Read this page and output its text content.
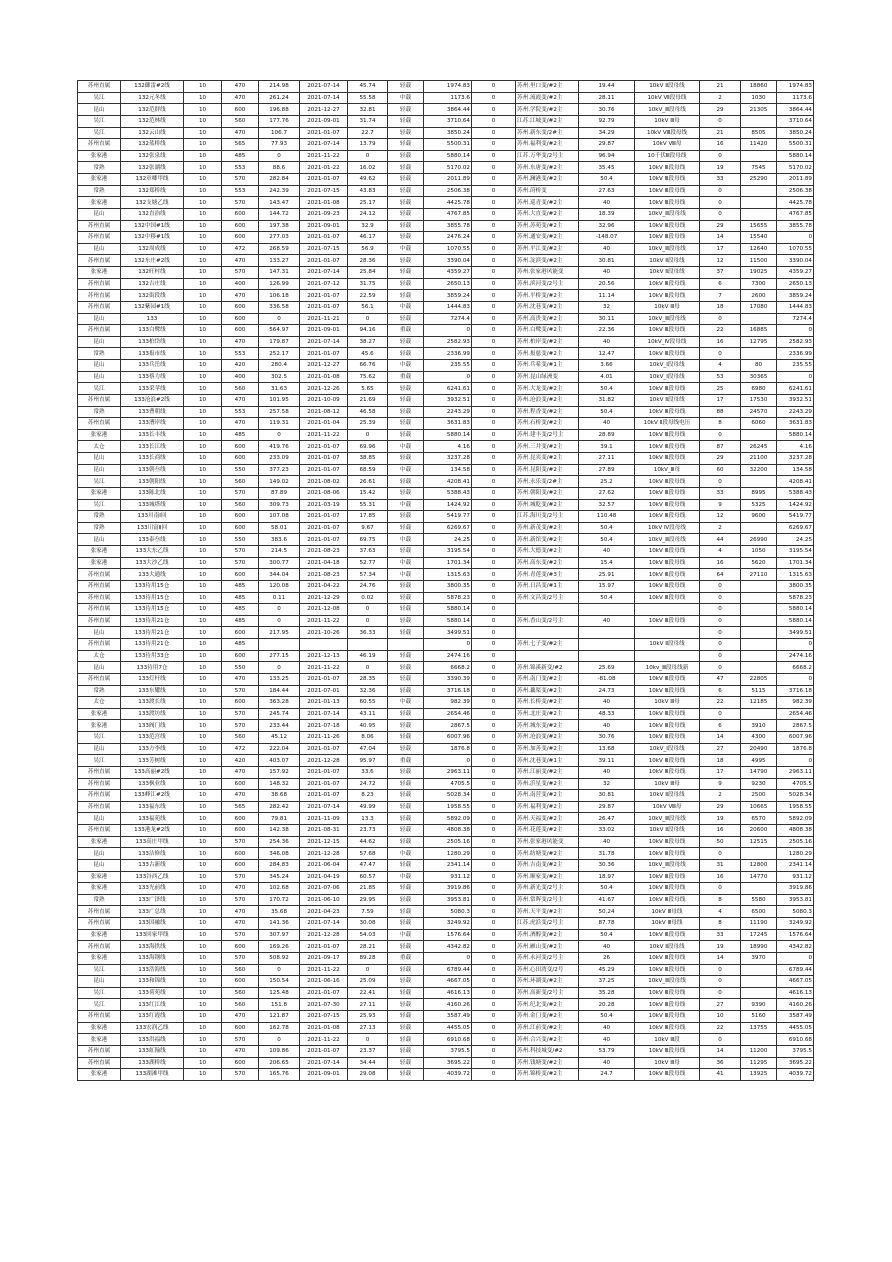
苏州直属	132御雷#2线	10	470	214.98	2021-07-14	45.74	轻载	1974.83	0	苏州.里口变/#2主	19.44	10kV Ⅱ段母线	21	18860	1974.83
吴江	132元冬线	10	470	261.24	2021-07-14	55.58	中载	1173.6	0	苏州.流霞变/#2主	28.11	10kV Ⅶ段母线	2	1030	1173.6
昆山	132范群线	10	600	196.88	2021-12-27	32.81	轻载	3864.44	0	苏州.学院变/#2主	30.76	10kV_Ⅲ段母线	29	21305	3864.44
吴江	132范林线	10	560	177.76	2021-09-01	31.74	轻载	3710.64	0	江苏.江城变/#2主	92.79	10kV Ⅲ母	0		3710.64
吴江	132云山线	10	470	106.7	2021-01-07	22.7	轻载	3850.24	0	苏州.新东变/2#主	34.29	10kV Ⅷ段母线	21	8505	3850.24
苏州直属	132蓝桥线	10	565	77.93	2021-07-14	13.79	轻载	5500.31	0	苏州.福利变/#2主	29.87	10kV Ⅷ母	16	11420	5500.31
张家港	132张泉线	10	485	0	2021-11-22	0	轻载	5880.14	0	江苏.万华变/2号主	96.94	10千伏Ⅲ段母线	0		5880.14
常熟	132张湖线	10	553	88.6	2021-01-22	16.02	轻载	5170.02	0	苏州.东唐变/#2主	35.45	10kV Ⅲ段母线	19	7545	5170.02
张家港	132章卿甲线	10	570	282.84	2021-01-07	49.62	轻载	2011.89	0	苏州.澜港变/#2主	50.4	10kV Ⅲ段母线	33	25290	2011.89
常熟	132郑桥线	10	553	242.39	2021-07-15	43.83	轻载	2506.38	0	苏州.莳桥变	27.63	10kV Ⅲ段母线	0		2506.38
张家港	132支塘乙线	10	570	143.47	2021-01-08	25.17	轻载	4425.78	0	苏州.巡青变/#2主	40	10kV Ⅲ段母线	0		4425.78
昆山	132直治线	10	600	144.72	2021-09-23	24.12	轻载	4767.85	0	苏州.大直变/#2主	18.39	10kV_Ⅲ段母线	0		4767.85
苏州直属	132中国#1线	10	600	197.38	2021-09-01	32.9	轻载	3855.78	0	苏州.苏苑变/#2主	32.96	10kV Ⅲ段母线	29	15655	3855.78
苏州直属	132中移#1线	10	600	277.03	2021-01-07	46.17	轻载	2476.24	0	苏州.通安变/#2主	-148.07	10kV Ⅲ段母线	14	15540	0
昆山	132周成线	10	472	268.59	2021-07-15	56.9	中载	1070.55	0	苏州.平江变/#2主	40	10kV_Ⅲ段母线	17	12640	1070.55
苏州直属	132东庄#2线	10	470	133.27	2021-01-07	28.36	轻载	3390.04	0	苏州.淀滨变/#2主	30.81	10kV Ⅱ段母线	12	11500	3390.04
张家港	132旺村线	10	570	147.31	2021-07-14	25.84	轻载	4359.27	0	苏州.张家港风能变	40	10kV Ⅱ段母线	37	19025	4359.27
苏州直属	132吉庄线	10	400	126.99	2021-07-12	31.75	轻载	2650.13	0	苏州.滨河变/2号主	20.56	10kV Ⅲ段母线	6	7300	2650.13
苏州直属	132街段线	10	470	106.18	2021-01-07	22.59	轻载	3859.24	0	苏州.平桥变/#2主	11.14	10kV Ⅲ段母线	7	2600	3859.24
苏州直属	132紫园#1线	10	600	336.58	2021-01-07	56.1	中载	1444.83	0	苏州.沈巷变/#2主	32	10kV Ⅲ母	18	17080	1444.83
昆山	133	10	600	0	2021-11-21	0	轻载	7274.4	0	苏州.高贵变/#2主	30.11	10kV_Ⅲ段母线	0		7274.4
苏州直属	133白鹭线	10	600	564.97	2021-09-01	94.16	重载	0	0	苏州.白鹭变/#2主	22.36	10kV Ⅲ段母线	22	16885	0
昆山	133柏岱线	10	470	179.87	2021-07-14	38.27	轻载	2582.93	0	苏州.柏岸变/#2主	40	10kV_Ⅳ段母线	16	12795	2582.93
常熟	133报市线	10	553	252.17	2021-01-07	45.6	轻载	2336.99	0	苏州.报慈变/#2主	12.47	10kV Ⅲ段母线	0		2336.99
昆山	133兵岳线	10	420	280.4	2021-12-27	66.76	中载	235.55	0	苏州.兵希变/#1主	3.66	10kV_Ⅰ段母线	4	80	235.55
昆山	133蔡力线	10	400	302.5	2021-01-08	75.62	重载	0	0	苏州.昆山绿洲变	4.01	10kV_Ⅰ段母线	53	30365	0
吴江	133采苹线	10	560	31.63	2021-12-26	5.65	轻载	6241.61	0	苏州.大龙变/#2主	50.4	10kV Ⅲ段母线	25	6980	6241.61
苏州直属	133沧浪#2线	10	470	101.95	2021-10-09	21.69	轻载	3932.51	0	苏州.沧浪变/#2主	31.82	10kV Ⅱ段母线	17	17530	3932.51
常熟	133曹朝线	10	553	257.58	2021-08-12	46.58	轻载	2243.29	0	苏州.程香变/#2主	50.4	10kV Ⅲ段母线	88	24570	2243.29
苏州直属	133漕岸线	10	470	119.31	2021-01-04	25.39	轻载	3631.83	0	苏州.石桥变/#2主	40	10kV Ⅱ段母线电压	8	6060	3631.83
张家港	133长丰线	10	485	0	2021-11-22	0	轻载	5880.14	0	苏州.建丰变/2号主	28.89	10kV Ⅲ段母线	0		5880.14
太仓	133长江线	10	600	419.76	2021-01-07	69.96	中载	4.16	0	苏州.三井变/#2主	39.1	10kV Ⅲ段母线	87	26245	4.16
昆山	133长商线	10	600	233.09	2021-01-07	38.85	轻载	3237.28	0	苏州.昆宾变/#2主	27.11	10kV Ⅲ段母线	29	21100	3237.28
昆山	133朝叁线	10	550	377.23	2021-01-07	68.59	中载	134.58	0	苏州.昆阳变/#2主	27.89	10kV_Ⅲ母	60	32200	134.58
吴江	133朝阳线	10	560	149.02	2021-08-02	26.61	轻载	4208.41	0	苏州.永乐变/2#主	25.2	10kV Ⅲ段母线	0		4208.41
张家港	133陈北线	10	570	87.89	2021-08-06	15.42	轻载	5388.43	0	苏州.朝阳变/#2主	27.62	10kV Ⅲ段母线	33	8995	5388.43
吴江	133城塔线	10	560	309.73	2021-03-19	55.31	中载	1424.92	0	苏州.城乾变/#2主	32.57	10kV Ⅲ段母线	9	5325	1424.92
常熟	133川南Ⅰ回	10	600	107.08	2021-01-07	17.85	轻载	5419.77	0	江苏.海川变/2号主	110.48	10kV Ⅲ段母线	12	9600	5419.77
常熟	133川富Ⅱ回	10	600	58.01	2021-01-07	9.67	轻载	6269.67	0	苏州.新茂变/#2主	50.4	10kV Ⅳ段母线	2		6269.67
昆山	133泰叁线	10	550	383.6	2021-01-07	69.75	中载	24.25	0	苏州.新馆变/#2主	50.4	10kV_Ⅲ段母线	44	26990	24.25
张家港	133大东乙线	10	570	214.5	2021-08-23	37.63	轻载	3195.54	0	苏州.大德变/#2主	40	10kV Ⅲ段母线	4	1050	3195.54
张家港	133大沙乙线	10	570	300.77	2021-04-18	52.77	中载	1701.34	0	苏州.高东变/#2主	15.4	10kV Ⅲ段母线	16	5620	1701.34
苏州直属	133大通线	10	600	344.04	2021-08-23	57.34	中载	1315.63	0	苏州.青莲变/#3主	25.91	10kV Ⅲ段母线	64	27110	1315.63
苏州直属	133待用15仓	10	485	120.08	2021-04-22	24.76	轻载	3800.35	0	苏州.日昌变/#1主	15.97	10kV Ⅲ段母线	0		3800.35
苏州直属	133待用15仓	10	485	0.11	2021-12-29	0.02	轻载	5878.23	0	苏州.文昌变/2号主	50.4	10kV Ⅲ段母线	0		5878.23
苏州直属	133待用15仓	10	485	0	2021-12-08	0	轻载	5880.14	0				0		5880.14
苏州直属	133待用21仓	10	485	0	2021-11-22	0	轻载	5880.14	0	苏州.香山变/2号主	40	10kV Ⅲ段母线	0		5880.14
昆山	133待用21仓	10	600	217.95	2021-10-26	36.33	轻载	3499.51	0				0		3499.51
苏州直属	133待用21仓	10	485					0	0	苏州.七子变/#2主		10kV Ⅱ段母线	0		0
太仓	133待用33仓	10	600	277.15	2021-12-13	46.19	轻载	2474.16	0				0		2474.16
昆山	133待用7仓	10	550	0	2021-11-22	0	轻载	6668.2	0	苏州.锦溪新变/#2	25.69	10kv_Ⅲ段母线新	0		6668.2
苏州直属	133灯杆线	10	470	133.25	2021-01-07	28.35	轻载	3390.39	0	苏州.南门变/#2主	-81.08	10kV Ⅲ段母线	47	22805	0
常熟	133东耀线	10	570	184.44	2021-07-01	32.36	轻载	3716.18	0	苏州.藕渠变/#2主	24.73	10kV Ⅲ段母线	6	5115	3716.18
太仓	133渡长线	10	600	363.28	2021-01-13	60.55	中载	982.39	0	苏州.长桥变/#2主	40	10kV Ⅲ母	22	12185	982.39
张家港	133渡坊线	10	570	245.74	2021-07-14	43.11	轻载	2654.46	0	苏州.北庄变/#2主	48.33	10kV Ⅲ段母线	0		2654.46
张家港	133阀门线	10	570	233.44	2021-07-18	40.95	轻载	2867.5	0	苏州.城东变/#2主	40	10kV Ⅲ段母线	6	3910	2867.5
吴江	133范宫线	10	560	45.12	2021-11-26	8.06	轻载	6007.96	0	苏州.沧浪变/#2主	30.76	10kV Ⅲ段母线	14	4300	6007.96
昆山	133方李线	10	472	222.04	2021-01-07	47.04	轻载	1876.8	0	苏州.加善变/#2主	13.68	10kV_Ⅰ段母线	27	20490	1876.8
吴江	133芳树线	10	420	403.07	2021-12-28	95.97	重载	0	0	苏州.沈巷变/#1主	39.11	10kV Ⅲ段母线	18	4995	0
苏州直属	133高丽#2线	10	470	157.92	2021-01-07	33.6	轻载	2963.11	0	苏州.江丽变/#2主	40	10kV Ⅲ段母线	17	14790	2963.11
苏州直属	133枫业线	10	600	148.32	2021-01-07	24.72	轻载	4705.5	0	苏州.浜星变/#2主	32	10kV Ⅲ母	9	9230	4705.5
苏州直属	133峰江#2线	10	470	38.68	2021-01-07	8.23	轻载	5028.34	0	苏州.南营变/#2主	30.81	10kV Ⅱ段母线	2	2500	5028.34
苏州直属	133福东线	10	565	282.42	2021-07-14	49.99	轻载	1958.55	0	苏州.福利变/#2主	29.87	10kV Ⅷ母	29	10665	1958.55
昆山	133福苑线	10	600	79.81	2021-11-09	13.3	轻载	5892.09	0	苏州.天福变/#2主	26.47	10kV_Ⅲ段母线	19	6570	5892.09
苏州直属	133港龙#2线	10	600	142.38	2021-08-31	23.73	轻载	4808.38	0	苏州.花莲变/#2主	33.02	10kV Ⅱ段母线	16	20600	4808.38
张家港	133高庄甲线	10	570	254.36	2021-12-15	44.62	轻载	2505.16	0	苏州.张家港风能变	40	10kV Ⅲ段母线	50	12515	2505.16
昆山	133洁修线	10	600	346.08	2021-12-28	57.68	中载	1280.29	0	苏州.纺塘变/#2主	31.78	10kV Ⅲ段母线	0		1280.29
昆山	133古新线	10	600	284.83	2021-06-04	47.47	轻载	2341.14	0	苏州.吉南变/#2主	30.36	10kV_Ⅲ段母线	31	12800	2341.14
张家港	133谷西乙线	10	570	345.24	2021-04-19	60.57	中载	931.12	0	苏州.顺家变/#2主	18.97	10kV Ⅲ段母线	16	14770	931.12
张家港	133光前线	10	470	102.68	2021-07-06	21.85	轻载	3919.86	0	苏州.新光变/2号主	50.4	10kV Ⅲ段母线	0		3919.86
常熟	133广泽线	10	570	170.72	2021-06-10	29.95	轻载	3953.81	0	苏州.常晖变/2号主	41.67	10kV Ⅲ段母线	8	5580	3953.81
苏州直属	133广总线	10	470	35.68	2021-04-23	7.59	轻载	5080.3	0	苏州.天平变/#2主	50.24	10kV Ⅲ母线	4	6500	5080.3
苏州直属	133国融线	10	470	141.36	2021-07-14	30.08	轻载	3249.92	0	江苏.虎浜变/2号主	87.78	10kV Ⅲ母线	8	11190	3249.92
张家港	133回家甲线	10	570	307.97	2021-12-28	54.03	中载	1576.64	0	苏州.酒醇变/#2主	50.4	10kV Ⅲ段母线	33	17245	1576.64
苏州直属	133海拱线	10	600	169.26	2021-01-07	28.21	轻载	4342.82	0	苏州.雁山变/#2主	40	10kV Ⅱ段母线	19	18990	4342.82
张家港	133海钢线	10	570	508.92	2021-09-17	89.28	重载	0	0	苏州.永河变/2号主	26	10kV Ⅲ段母线	14	3970	0
吴江	133浩海线	10	560	0	2021-11-22	0	轻载	6789.44	0	苏州.心田湾变/2号	45.29	10kV Ⅲ段母线	0		6789.44
昆山	133和锦线	10	600	150.54	2021-06-16	25.09	轻载	4667.05	0	苏州.环湖变/#2主	37.25	10kV_Ⅲ段母线	0		4667.05
吴江	133荷苑线	10	560	125.48	2021-01-07	22.41	轻载	4616.13	0	苏州.高新变/2号主	35.28	10kV Ⅲ段母线	0		4616.13
吴江	133红江线	10	560	151.8	2021-07-30	27.11	轻载	4160.26	0	苏州.纪北变/#2主	20.28	10kV Ⅲ段母线	27	9390	4160.26
苏州直属	133红霞线	10	470	121.87	2021-07-15	25.93	轻载	3587.49	0	苏州.金门变/#2主	50.4	10kV Ⅲ段母线	10	5160	3587.49
张家港	133宏润乙线	10	600	162.78	2021-01-08	27.13	轻载	4455.05	0	苏州.江前变/#2主	40	10kV Ⅲ段母线	22	13755	4455.05
张家港	133洪福线	10	570	0	2021-11-22	0	轻载	6910.68	0	苏州.合兴变/#2主	40	10kV Ⅲ段	0		6910.68
苏州直属	133虹翰线	10	470	109.86	2021-01-07	23.37	轻载	3795.5	0	苏州.科技城变/#2	53.79	10kV Ⅲ段母线	14	11200	3795.5
苏州直属	133湖桥线	10	600	206.65	2021-07-14	34.44	轻载	3695.22	0	苏州.钱塘变/#2主	40	10kV Ⅲ母	36	11295	3695.22
张家港	133湖滩甲线	10	570	165.76	2021-09-01	29.08	轻载	4039.72	0	苏州.锦桥变/#2主	24.7	10kV Ⅲ段母线	41	13925	4039.72
